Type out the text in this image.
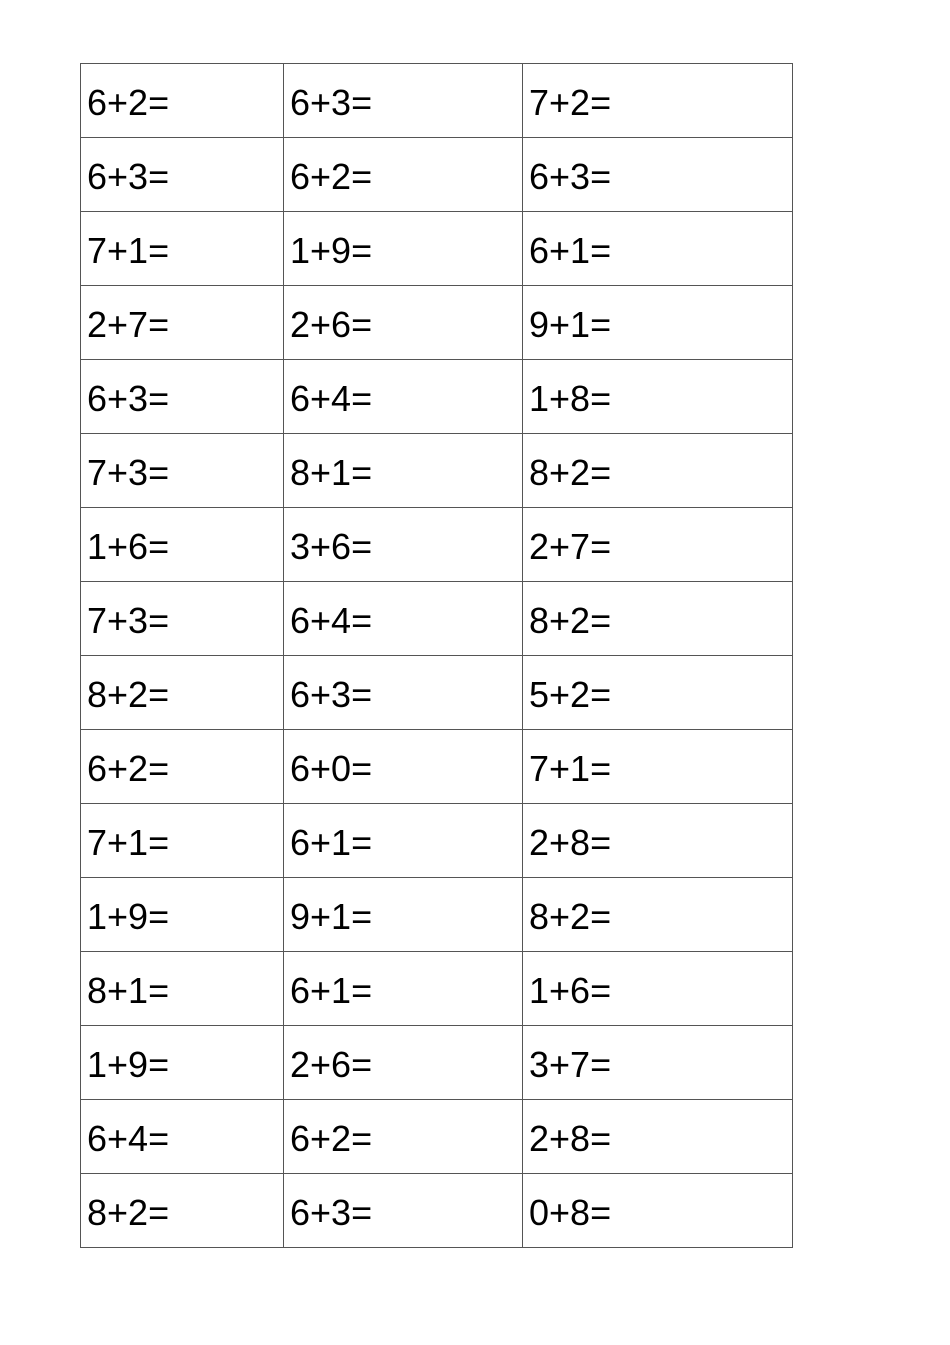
6+2=	6+3=	7+2=
6+3=	6+2=	6+3=
7+1=	1+9=	6+1=
2+7=	2+6=	9+1=
6+3=	6+4=	1+8=
7+3=	8+1=	8+2=
1+6=	3+6=	2+7=
7+3=	6+4=	8+2=
8+2=	6+3=	5+2=
6+2=	6+0=	7+1=
7+1=	6+1=	2+8=
1+9=	9+1=	8+2=
8+1=	6+1=	1+6=
1+9=	2+6=	3+7=
6+4=	6+2=	2+8=
8+2=	6+3=	0+8=
